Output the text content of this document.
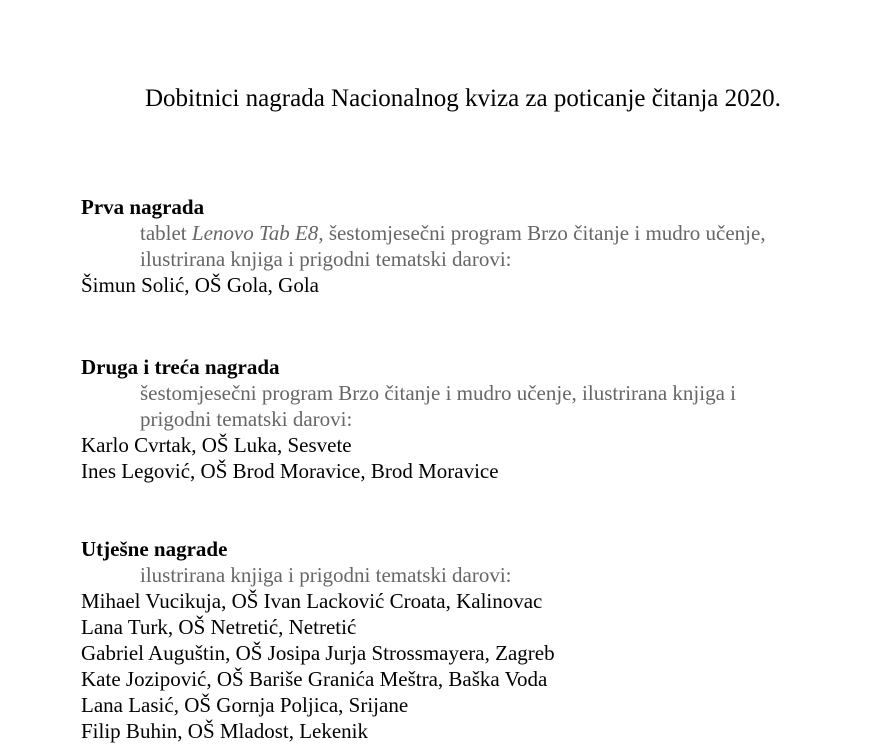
Dobitnici nagrada Nacionalnog kviza za poticanje čitanja 2020.
Prva nagrada
tablet Lenovo Tab E8, šestomjesečni program Brzo čitanje i mudro učenje,
ilustrirana knjiga i prigodni tematski darovi:
Šimun Solić, OŠ Gola, Gola
Druga i treća nagrada
šestomjesečni program Brzo čitanje i mudro učenje, ilustrirana knjiga i
prigodni tematski darovi:
Karlo Cvrtak, OŠ Luka, Sesvete
Ines Legović, OŠ Brod Moravice, Brod Moravice
Utješne nagrade
ilustrirana knjiga i prigodni tematski darovi:
Mihael Vucikuja, OŠ Ivan Lacković Croata, Kalinovac
Lana Turk, OŠ Netretić, Netretić
Gabriel Auguštin, OŠ Josipa Jurja Strossmayera, Zagreb
Kate Jozipović, OŠ Bariše Granića Meštra, Baška Voda
Lana Lasić, OŠ Gornja Poljica, Srijane
Filip Buhin, OŠ Mladost, Lekenik
